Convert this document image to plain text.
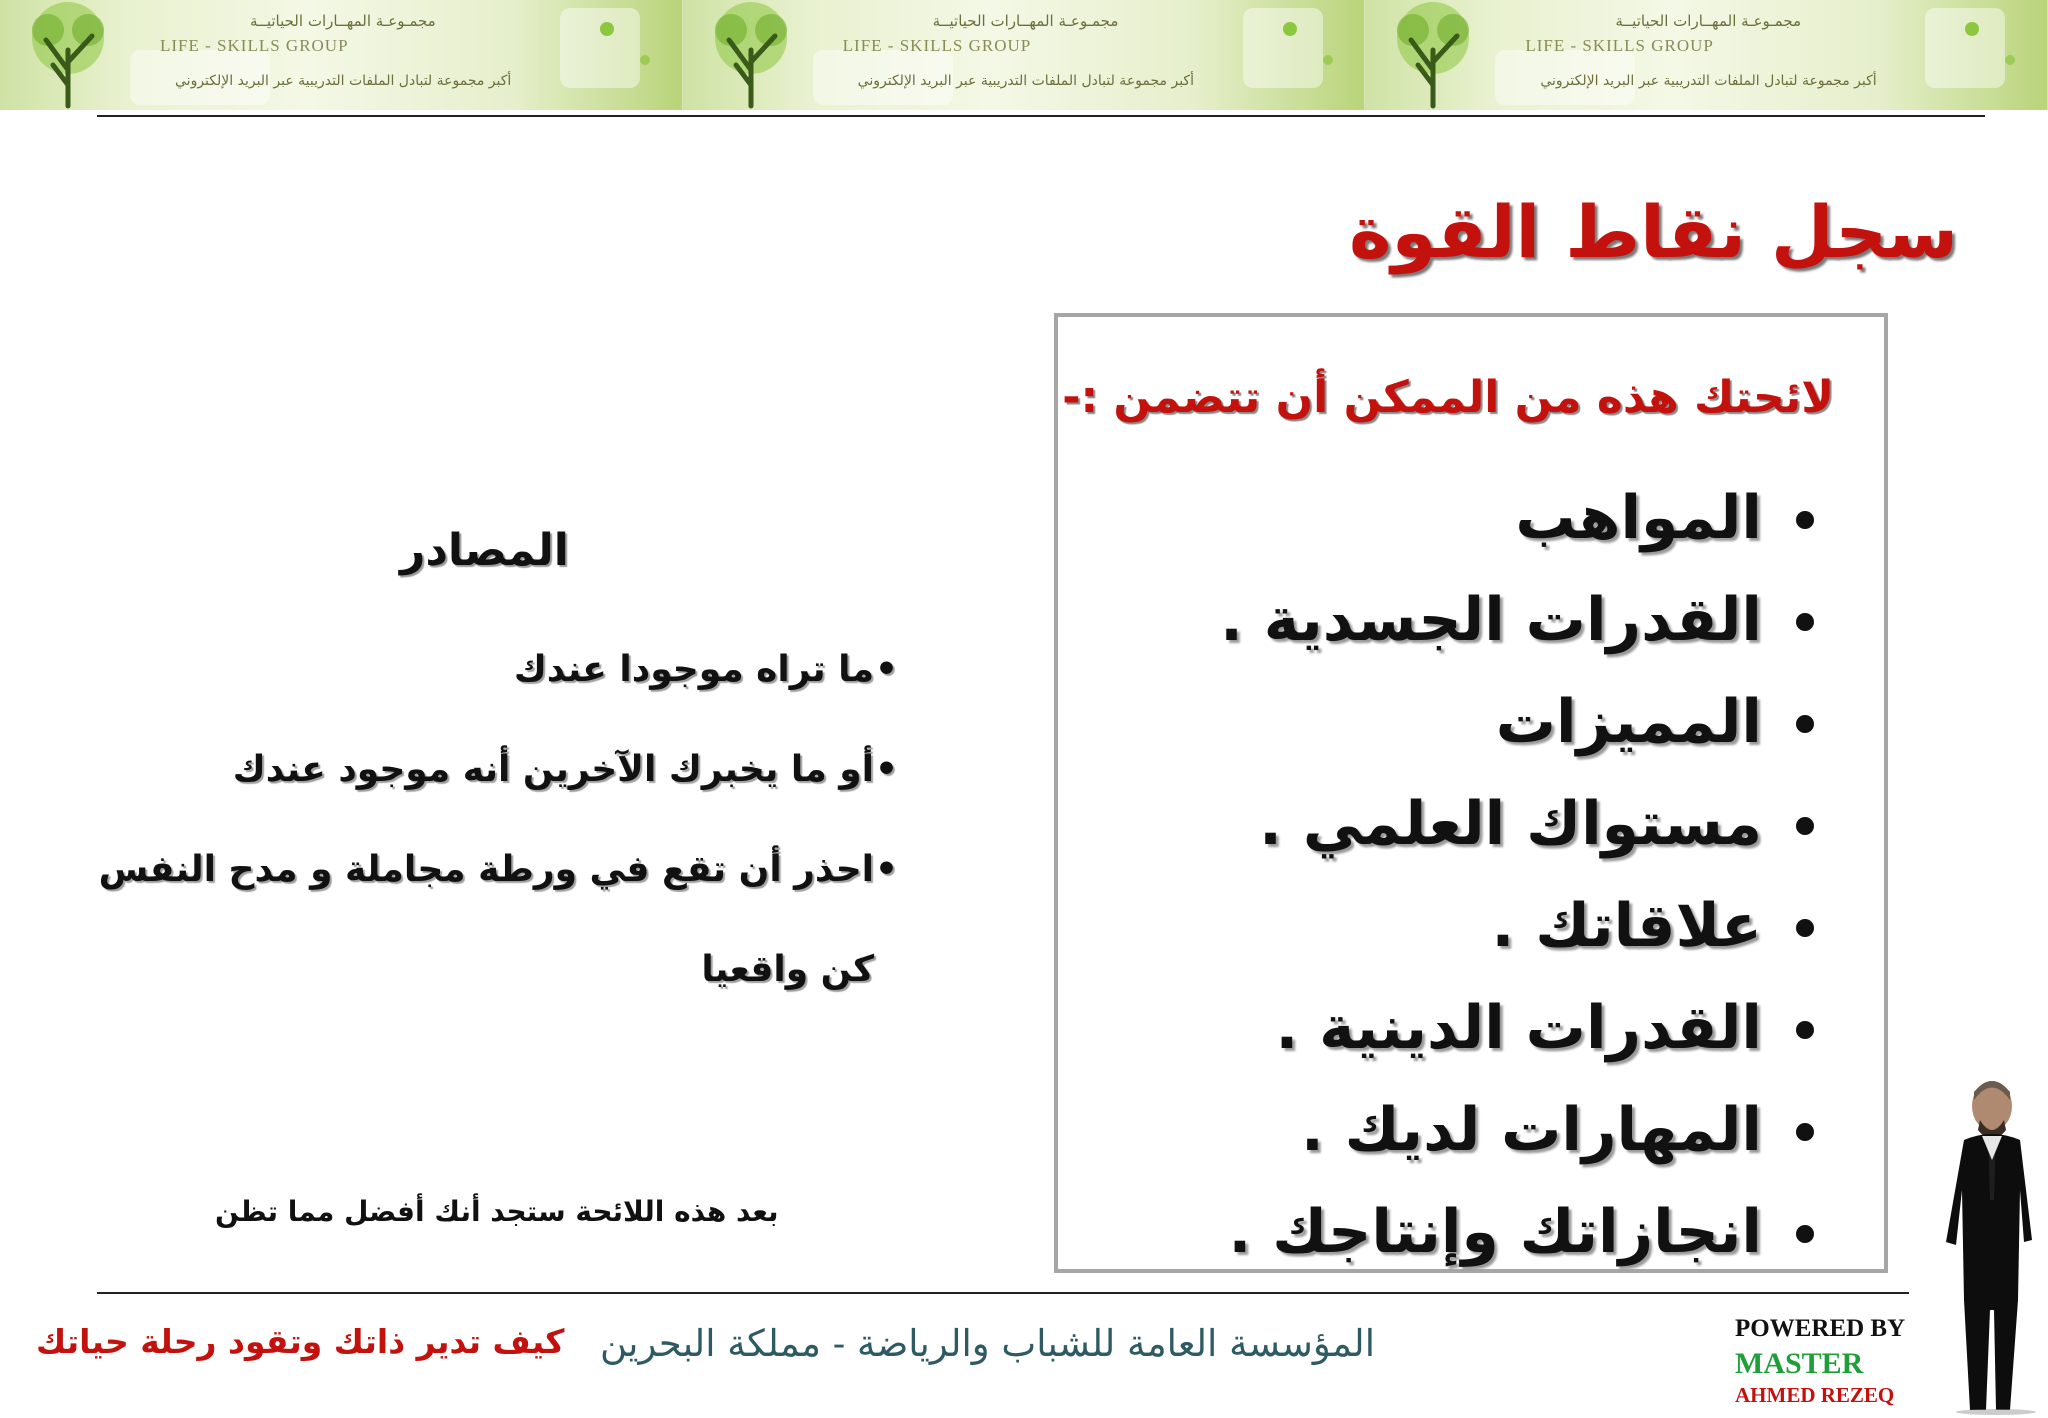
مجمـوعـة المهــارات الحياتيــة
LIFE - SKILLS GROUP
أكبر مجموعة لتبادل الملفات التدريبية عبر البريد الإلكتروني
مجمـوعـة المهــارات الحياتيــة
LIFE - SKILLS GROUP
أكبر مجموعة لتبادل الملفات التدريبية عبر البريد الإلكتروني
مجمـوعـة المهــارات الحياتيــة
LIFE - SKILLS GROUP
أكبر مجموعة لتبادل الملفات التدريبية عبر البريد الإلكتروني
سجل نقاط القوة
لائحتك هذه من الممكن أن تتضمن :-
المواهب
القدرات الجسدية .
المميزات
مستواك العلمي .
علاقاتك .
القدرات الدينية .
المهارات لديك .
انجازاتك وإنتاجك .
المصادر
• ما تراه موجودا عندك
• أو ما يخبرك الآخرين أنه موجود عندك
• احذر أن تقع في ورطة مجاملة و مدح النفس كن واقعيا
بعد هذه اللائحة ستجد أنك أفضل مما تظن
كيف تدير ذاتك وتقود رحلة حياتك المؤسسة العامة للشباب والرياضة - مملكة البحرين	POWERED BY
MASTER
AHMED REZEQ
